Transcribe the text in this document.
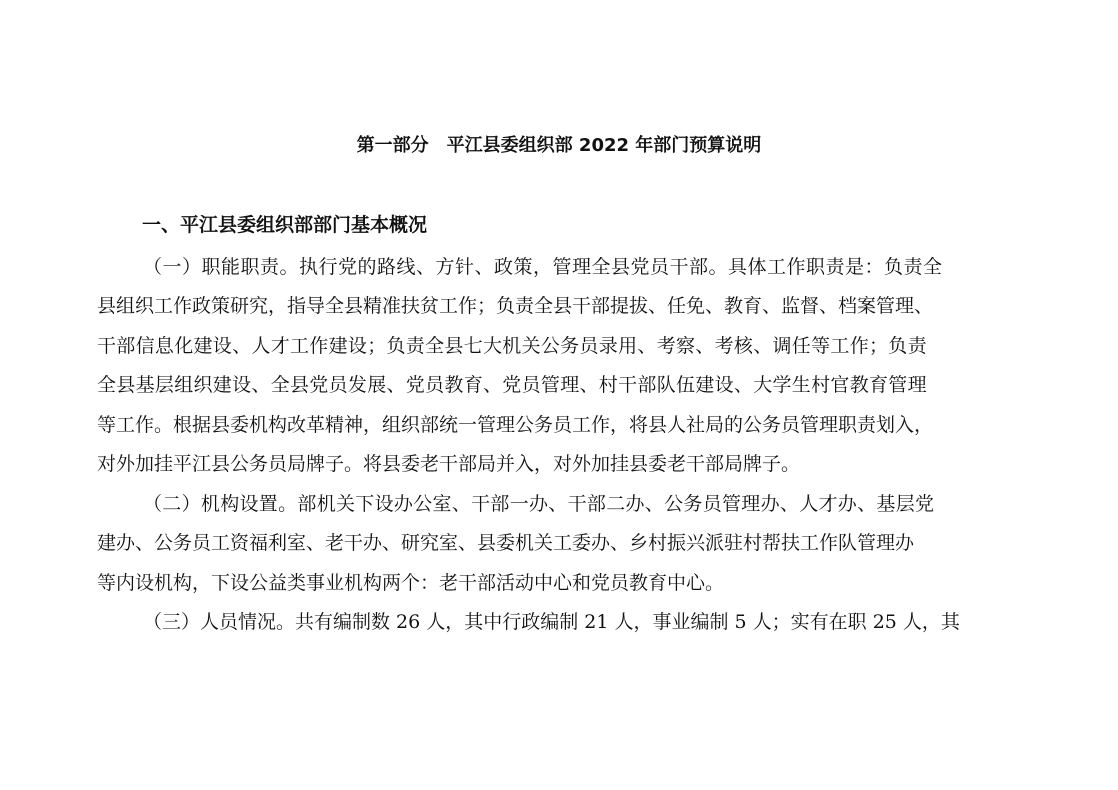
第一部分　平江县委组织部 2022 年部门预算说明
一、平江县委组织部部门基本概况
（一）职能职责。执行党的路线、方针、政策，管理全县党员干部。具体工作职责是：负责全
县组织工作政策研究，指导全县精准扶贫工作；负责全县干部提拔、任免、教育、监督、档案管理、
干部信息化建设、人才工作建设；负责全县七大机关公务员录用、考察、考核、调任等工作；负责
全县基层组织建设、全县党员发展、党员教育、党员管理、村干部队伍建设、大学生村官教育管理
等工作。根据县委机构改革精神，组织部统一管理公务员工作，将县人社局的公务员管理职责划入，
对外加挂平江县公务员局牌子。将县委老干部局并入，对外加挂县委老干部局牌子。
（二）机构设置。部机关下设办公室、干部一办、干部二办、公务员管理办、人才办、基层党
建办、公务员工资福利室、老干办、研究室、县委机关工委办、乡村振兴派驻村帮扶工作队管理办
等内设机构，下设公益类事业机构两个：老干部活动中心和党员教育中心。
（三）人员情况。共有编制数 26 人，其中行政编制 21 人，事业编制 5 人；实有在职 25 人，其
